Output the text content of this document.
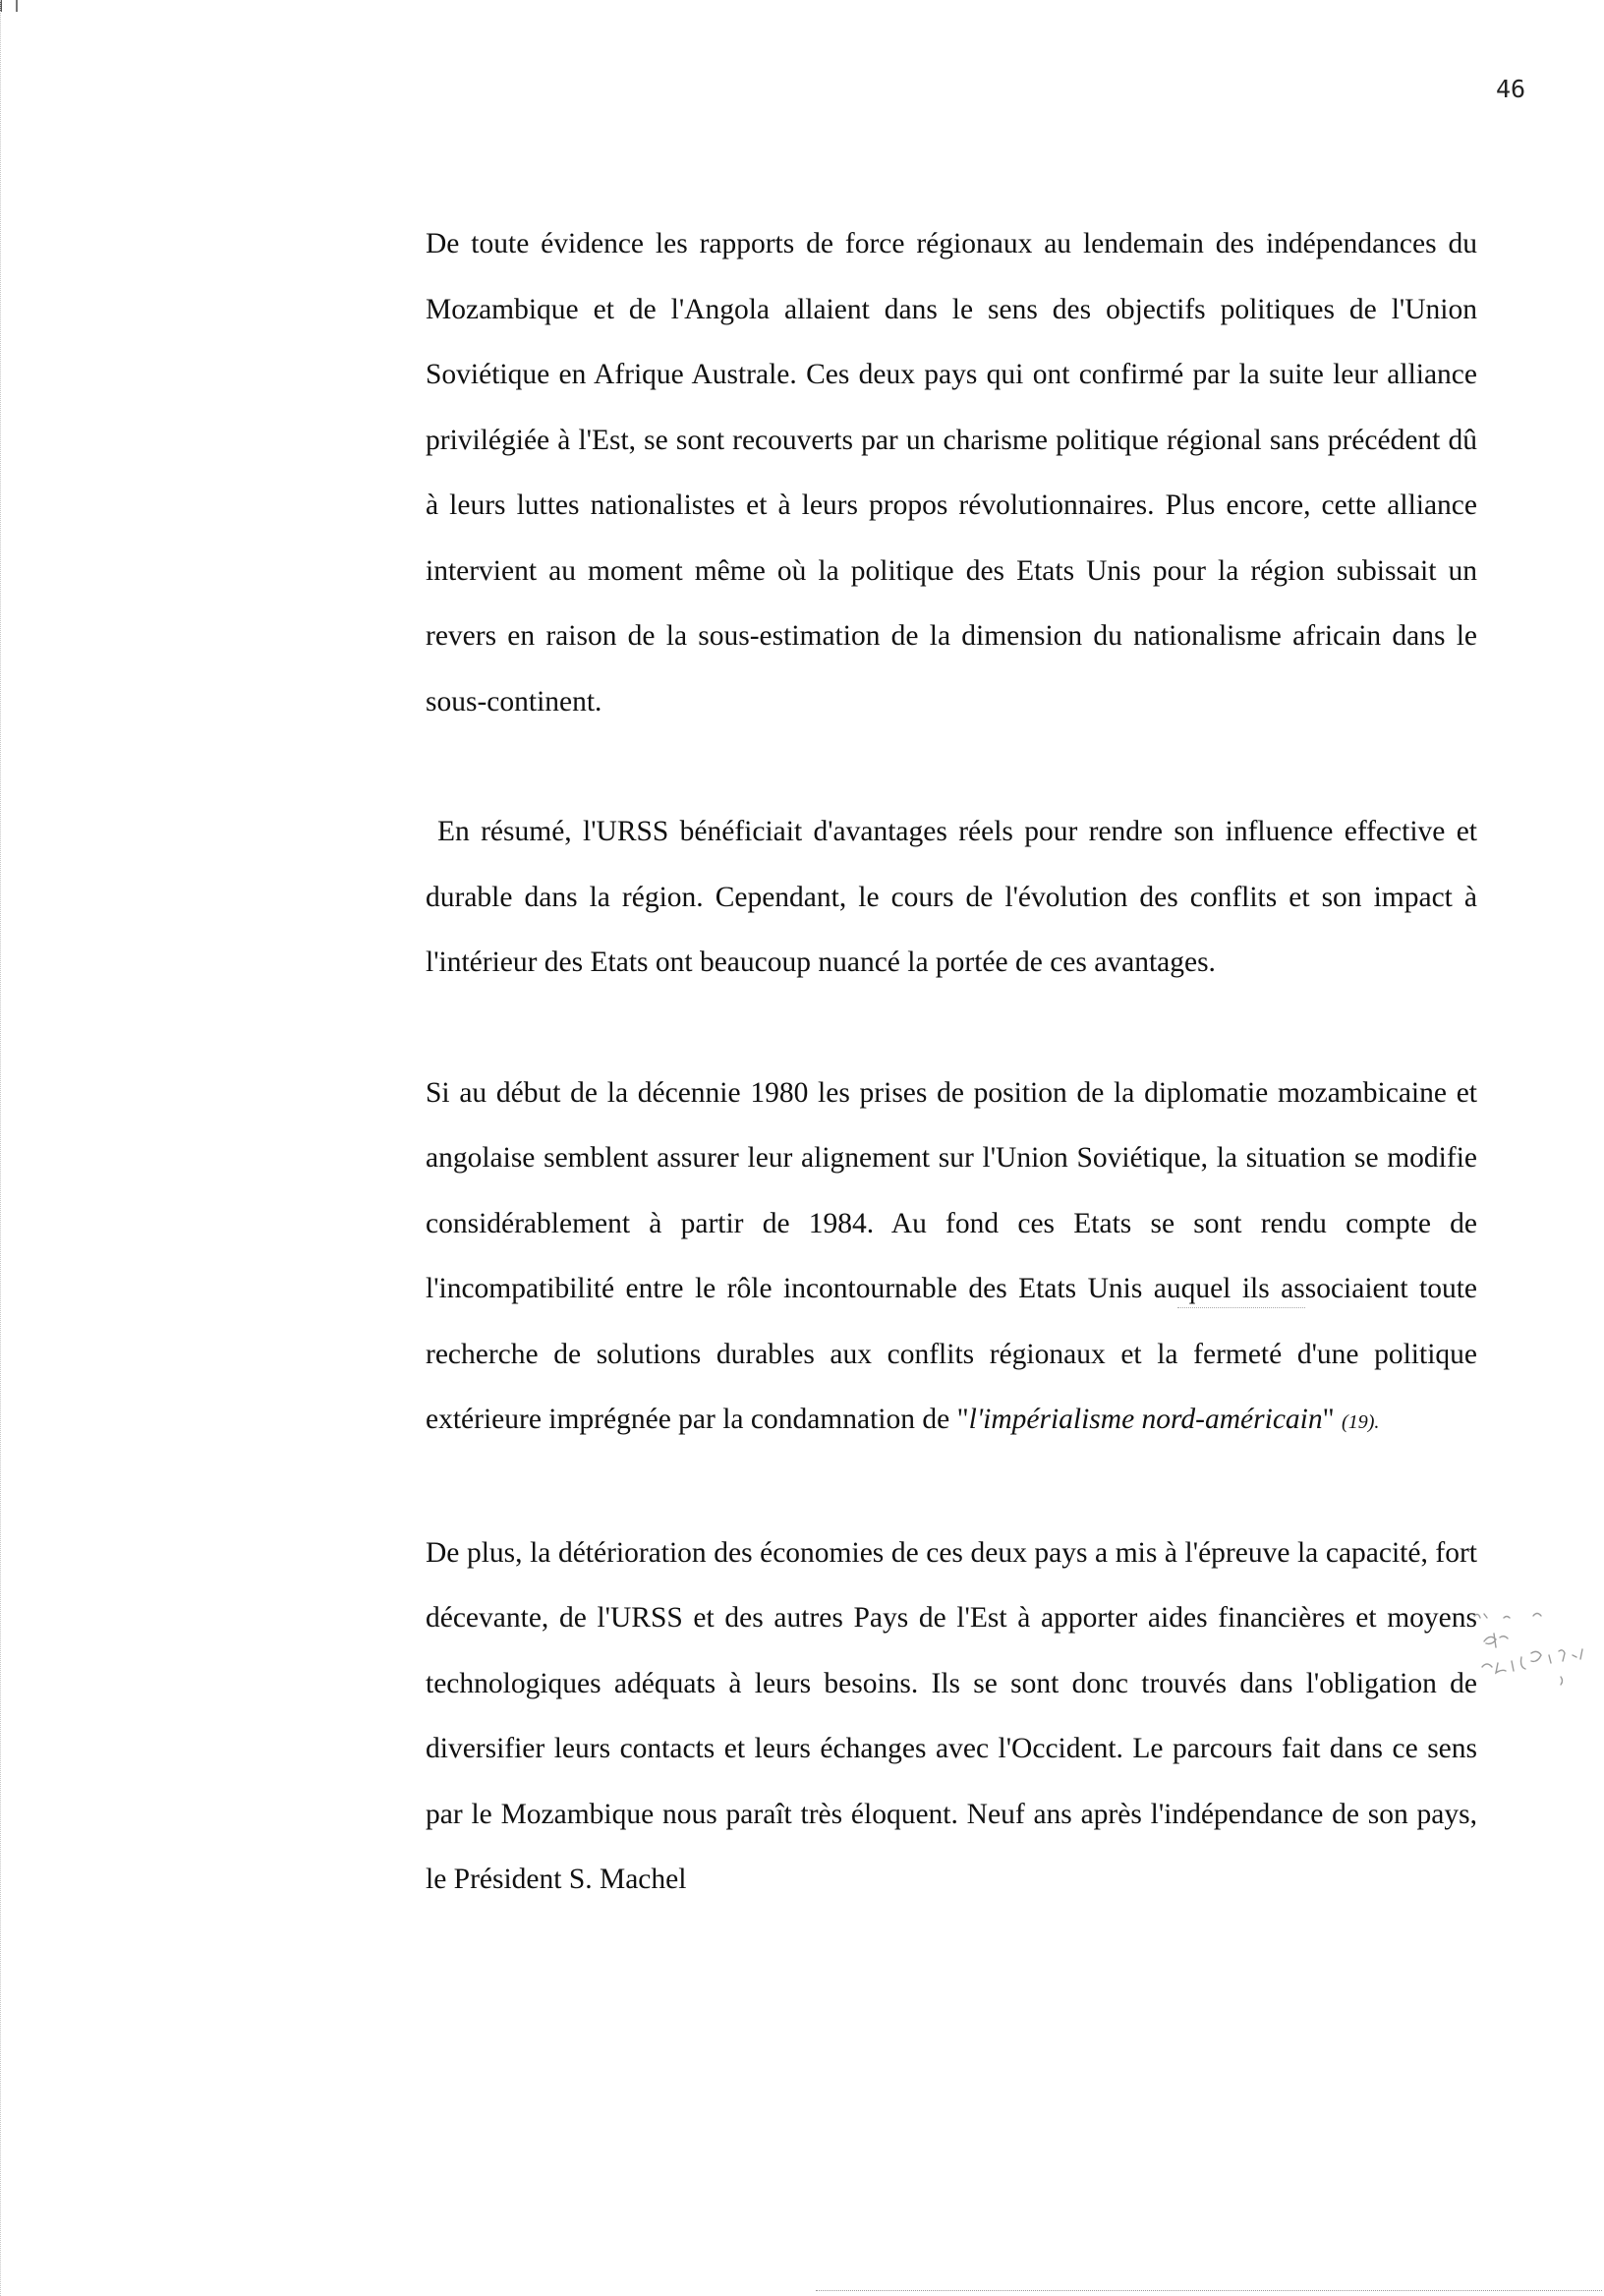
46

De toute évidence les rapports de force régionaux au lendemain des indépendances du Mozambique et de l'Angola allaient dans le sens des objectifs politiques de l'Union Soviétique en Afrique Australe. Ces deux pays qui ont confirmé par la suite leur alliance privilégiée à l'Est, se sont recouverts par un charisme politique régional sans précédent dû à leurs luttes nationalistes et à leurs propos révolutionnaires. Plus encore, cette alliance intervient au moment même où la politique des Etats Unis pour la région subissait un revers en raison de la sous-estimation de la dimension du nationalisme africain dans le sous-continent.

En résumé, l'URSS bénéficiait d'avantages réels pour rendre son influence effective et durable dans la région. Cependant, le cours de l'évolution des conflits et son impact à l'intérieur des Etats ont beaucoup nuancé la portée de ces avantages.

Si au début de la décennie 1980 les prises de position de la diplomatie mozambicaine et angolaise semblent assurer leur alignement sur l'Union Soviétique, la situation se modifie considérablement à partir de 1984. Au fond ces Etats se sont rendu compte de l'incompatibilité entre le rôle incontournable des Etats Unis auquel ils associaient toute recherche de solutions durables aux conflits régionaux et la fermeté d'une politique extérieure imprégnée par la condamnation de "l'impérialisme nord-américain" (19).

De plus, la détérioration des économies de ces deux pays a mis à l'épreuve la capacité, fort décevante, de l'URSS et des autres Pays de l'Est à apporter aides financières et moyens technologiques adéquats à leurs besoins. Ils se sont donc trouvés dans l'obligation de diversifier leurs contacts et leurs échanges avec l'Occident. Le parcours fait dans ce sens par le Mozambique nous paraît très éloquent. Neuf ans après l'indépendance de son pays, le Président S. Machel
